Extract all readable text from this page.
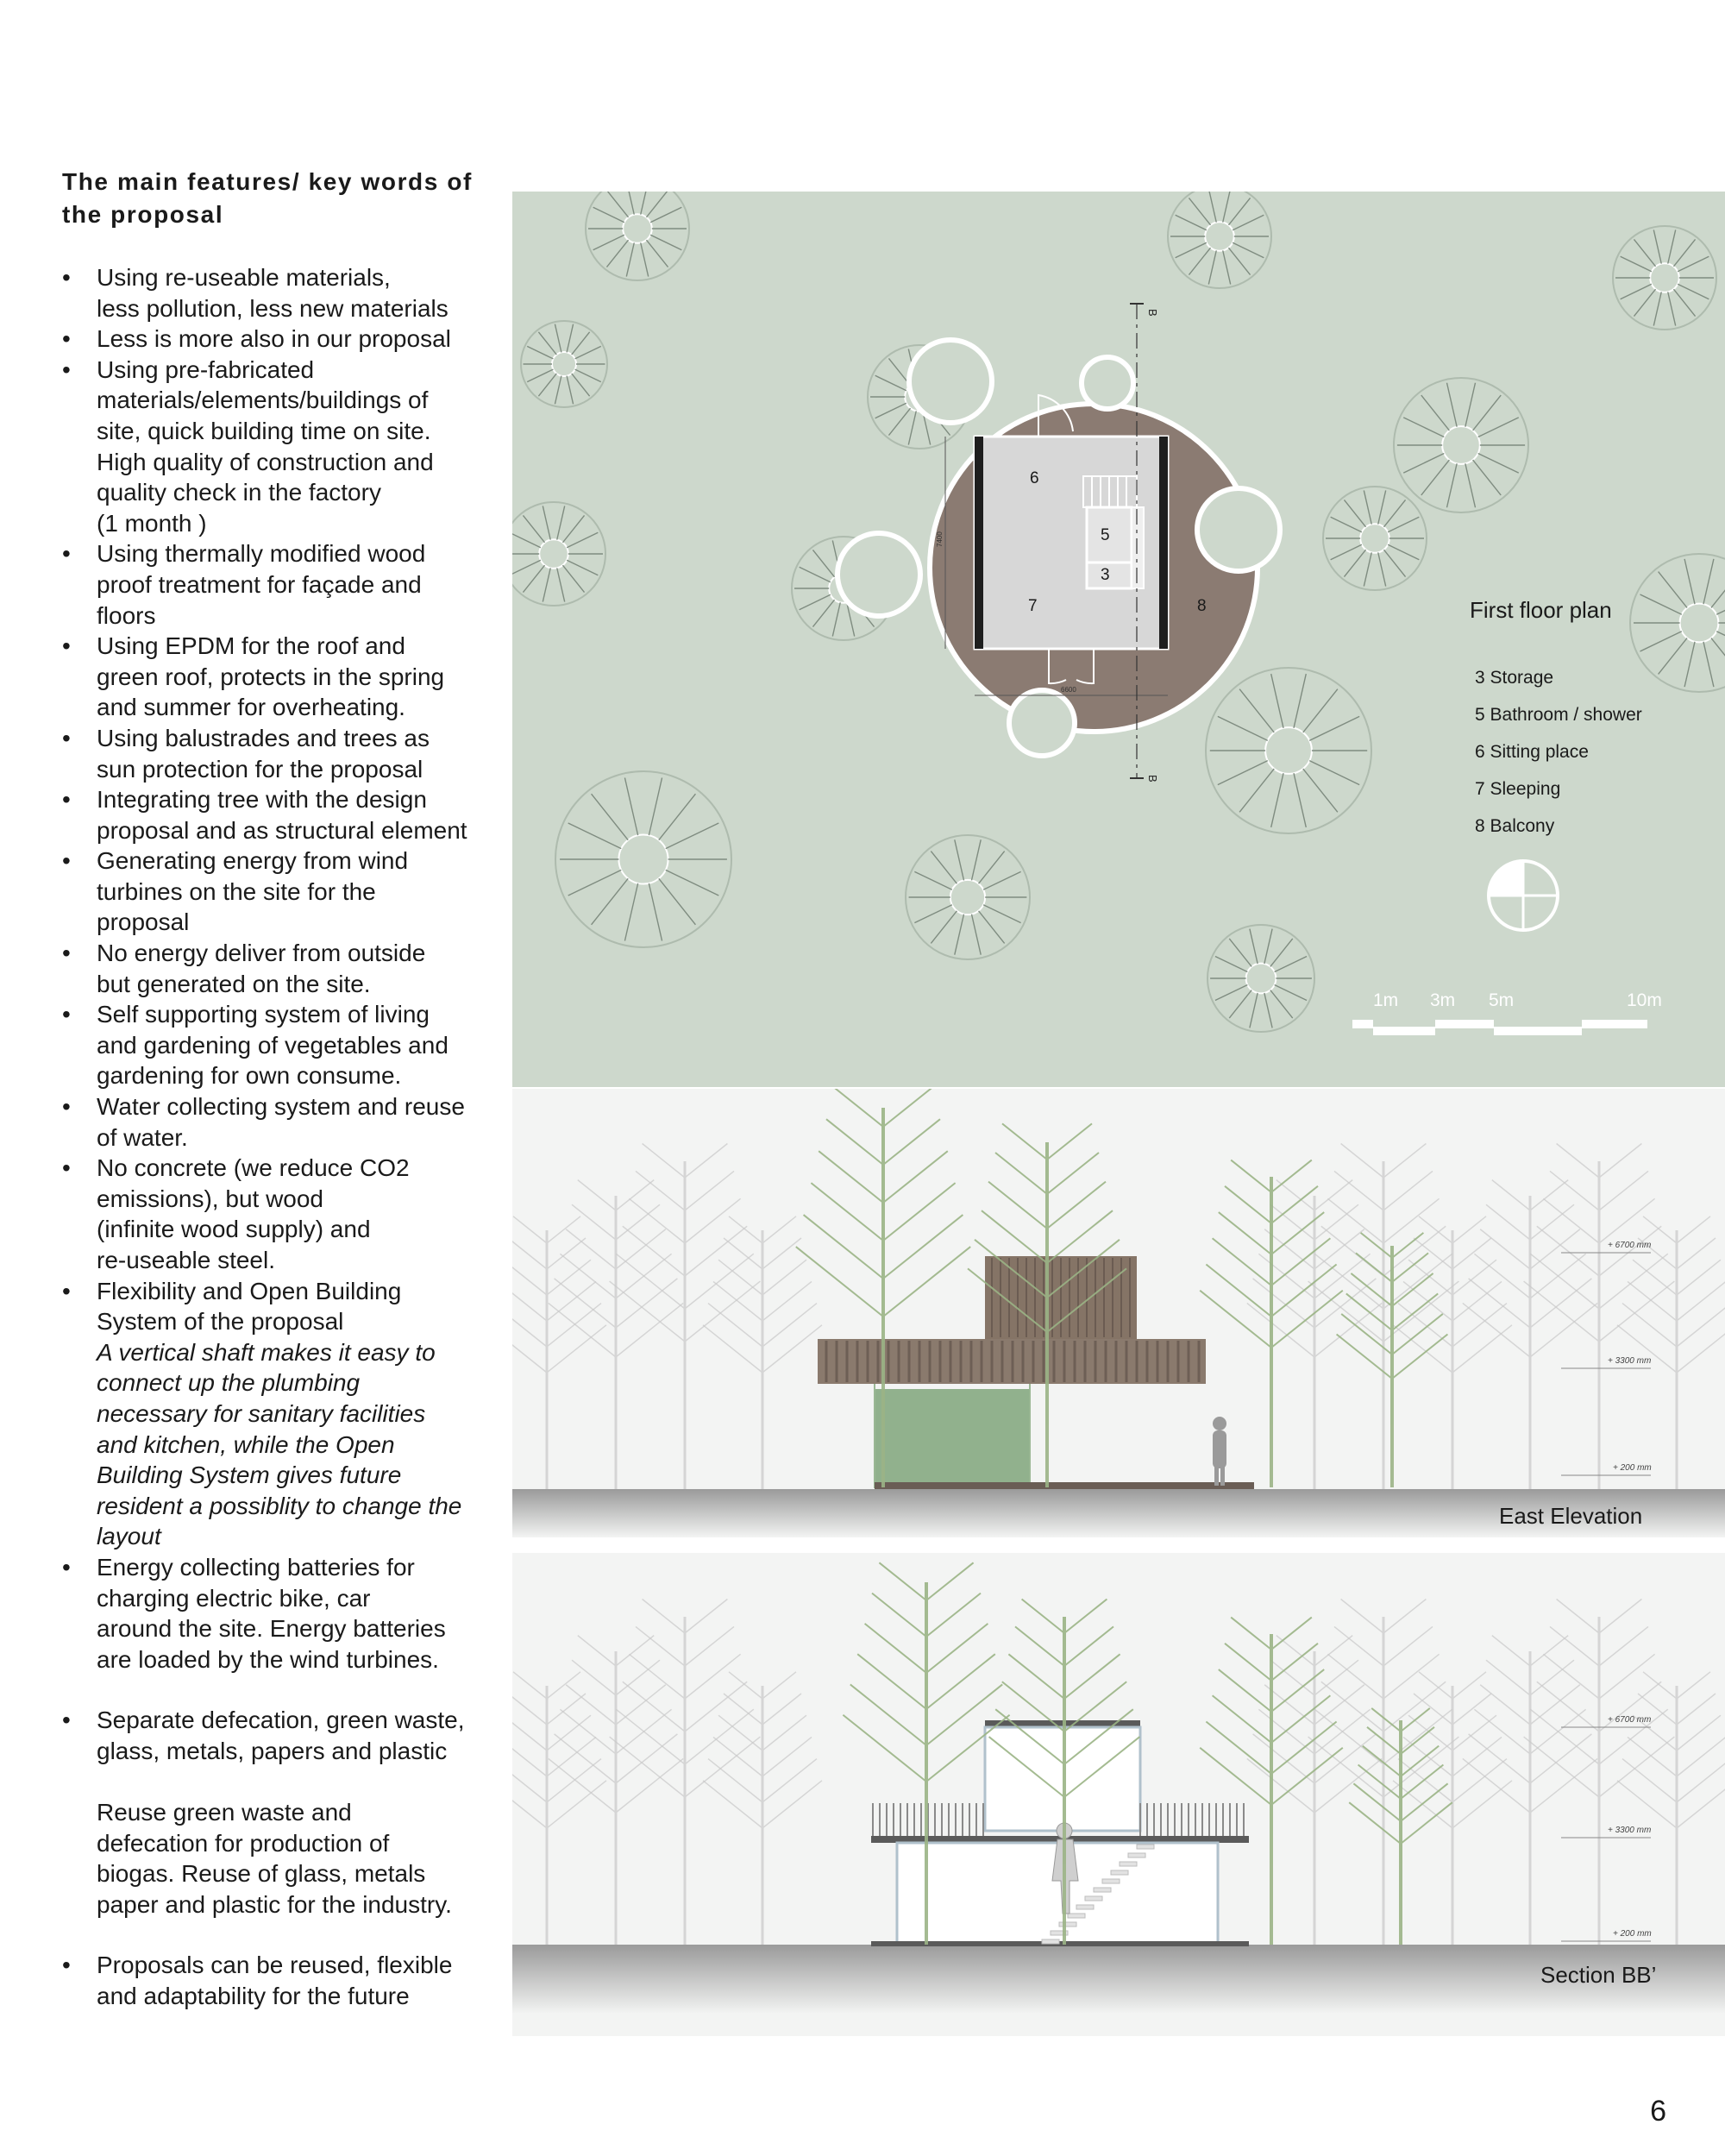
The main features/ key words of
the proposal
• Using re-useable materials,
less pollution, less new materials
• Less is more also in our proposal
• Using pre-fabricated
materials/elements/buildings of
site, quick building time on site.
High quality of construction and
quality check in the factory
(1 month )
• Using thermally modified wood
proof treatment for façade and
floors
• Using EPDM for the roof and
green roof, protects in the spring
and summer for overheating.
• Using balustrades and trees as
sun protection for the proposal
• Integrating tree with the design
proposal and as structural element
• Generating energy from wind
turbines on the site for the
proposal
• No energy deliver from outside
but generated on the site.
• Self supporting system of living
and gardening of vegetables and
gardening for own consume.
• Water collecting system and reuse
of water.
• No concrete (we reduce CO2
emissions), but wood
(infinite wood supply) and
re-useable steel.
• Flexibility and Open Building
System of the proposal
A vertical shaft makes it easy to
connect up the plumbing
necessary for sanitary facilities
and kitchen, while the Open
Building System gives future
resident a possiblity to change the
layout
• Energy collecting batteries for
charging electric bike, car
around the site. Energy batteries
are loaded by the wind turbines.
• Separate defecation, green waste,
glass, metals, papers and plastic

Reuse green waste and
defecation for production of
biogas. Reuse of glass, metals
paper and plastic for the industry.
• Proposals can be reused, flexible
and adaptability for the future
6
5
3
7	8
6600
7400
B
B
First floor plan
3 Storage
5 Bathroom / shower
6 Sitting place
7 Sleeping
8 Balcony
1m 3m 5m	10m
+ 6700 mm
+ 3300 mm
+ 200 mm
East Elevation
+ 6700 mm
+ 3300 mm
+ 200 mm
Section BB’
6
